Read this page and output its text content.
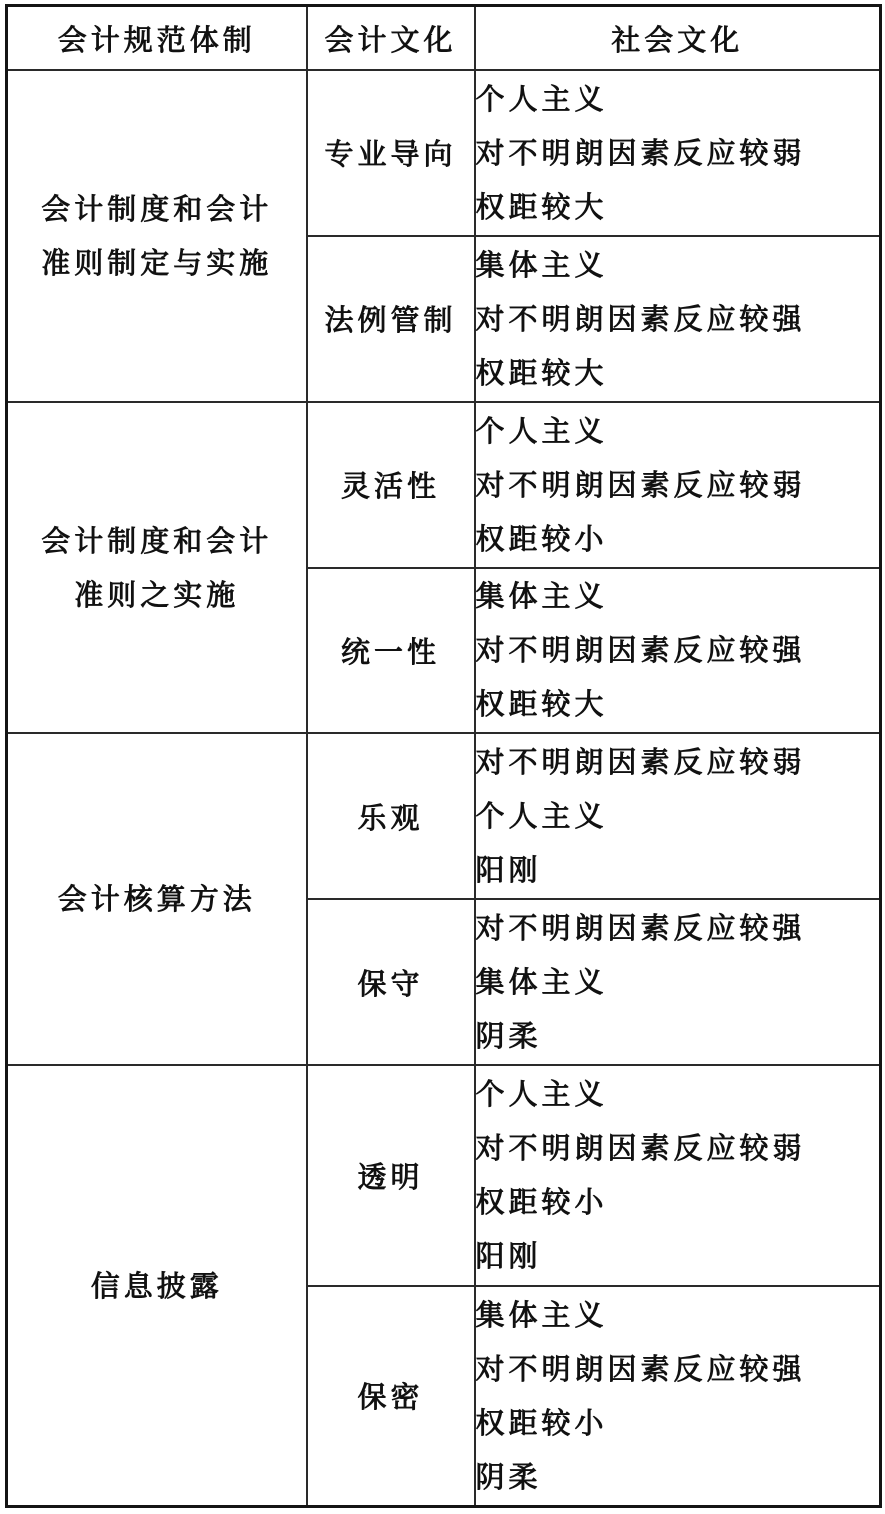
会计规范体制	会计文化	社会文化
会计制度和会计准则制定与实施	专业导向	个人主义
对不明朗因素反应较弱
权距较大

	法例管制	集体主义
对不明朗因素反应较强
权距较大

会计制度和会计准则之实施	灵活性	个人主义
对不明朗因素反应较弱
权距较小

	统一性	集体主义
对不明朗因素反应较强
权距较大

会计核算方法	乐观	对不明朗因素反应较弱
个人主义
阳刚

	保守	对不明朗因素反应较强
集体主义
阴柔

信息披露	透明	个人主义
对不明朗因素反应较弱
权距较小
阳刚

	保密	集体主义
对不明朗因素反应较强
权距较小
阴柔
